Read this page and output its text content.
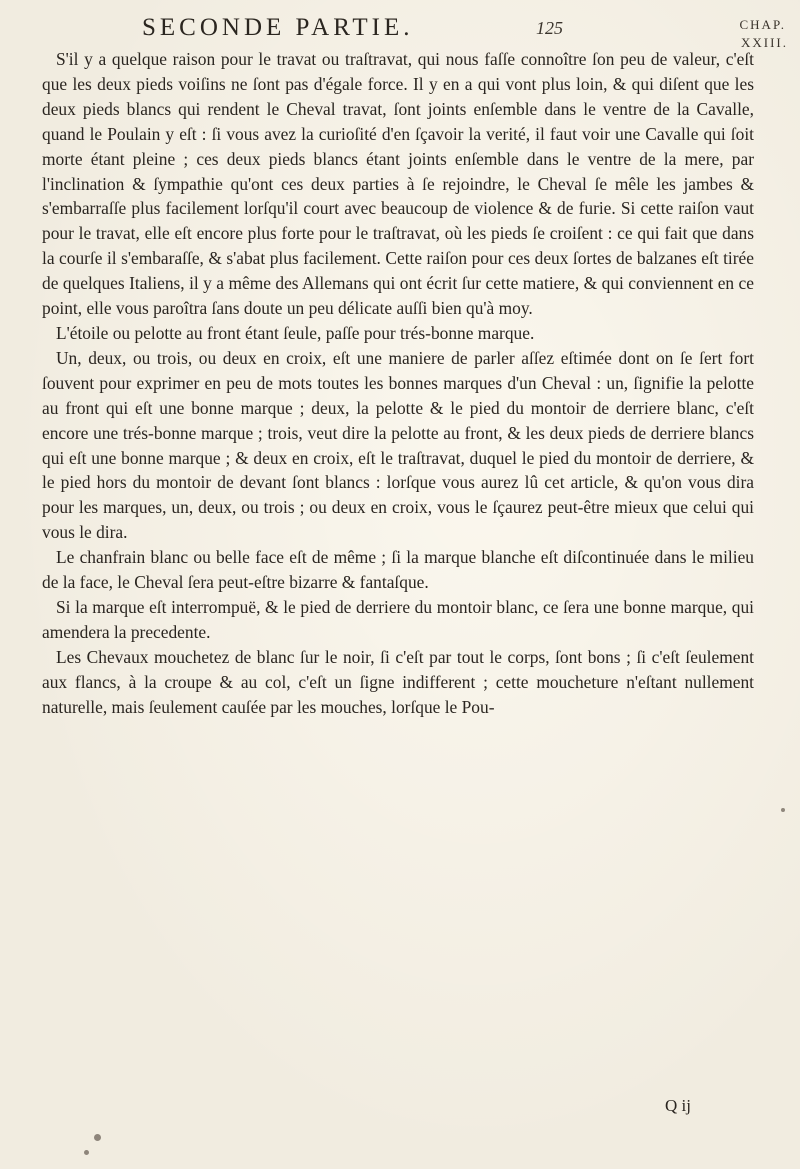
SECONDE PARTIE.	125	CHAP.
XXIII.

S'il y a quelque raison pour le travat ou traſtravat, qui nous faſſe connoître ſon peu de valeur, c'eſt que les deux pieds voiſins ne ſont pas d'égale force. Il y en a qui vont plus loin, & qui diſent que les deux pieds blancs qui rendent le Cheval travat, ſont joints enſemble dans le ventre de la Cavalle, quand le Poulain y eſt : ſi vous avez la curioſité d'en ſçavoir la verité, il faut voir une Cavalle qui ſoit morte étant pleine ; ces deux pieds blancs étant joints enſemble dans le ventre de la mere, par l'inclination & ſympathie qu'ont ces deux parties à ſe rejoindre, le Cheval ſe mêle les jambes & s'embarraſſe plus facilement lorſqu'il court avec beaucoup de violence & de furie. Si cette raiſon vaut pour le travat, elle eſt encore plus forte pour le traſtravat, où les pieds ſe croiſent : ce qui fait que dans la courſe il s'embaraſſe, & s'abat plus facilement. Cette raiſon pour ces deux ſortes de balzanes eſt tirée de quelques Italiens, il y a même des Allemans qui ont écrit ſur cette matiere, & qui conviennent en ce point, elle vous paroîtra ſans doute un peu délicate auſſi bien qu'à moy.

L'étoile ou pelotte au front étant ſeule, paſſe pour trés-bonne marque.

Un, deux, ou trois, ou deux en croix, eſt une maniere de parler aſſez eſtimée dont on ſe ſert fort ſouvent pour exprimer en peu de mots toutes les bonnes marques d'un Cheval : un, ſignifie la pelotte au front qui eſt une bonne marque ; deux, la pelotte & le pied du montoir de derriere blanc, c'eſt encore une trés-bonne marque ; trois, veut dire la pelotte au front, & les deux pieds de derriere blancs qui eſt une bonne marque ; & deux en croix, eſt le traſtravat, duquel le pied du montoir de derriere, & le pied hors du montoir de devant ſont blancs : lorſque vous aurez lû cet article, & qu'on vous dira pour les marques, un, deux, ou trois ; ou deux en croix, vous le ſçaurez peut-être mieux que celui qui vous le dira.

Le chanfrain blanc ou belle face eſt de même ; ſi la marque blanche eſt diſcontinuée dans le milieu de la face, le Cheval ſera peut-eſtre bizarre & fantaſque.

Si la marque eſt interrompuë, & le pied de derriere du montoir blanc, ce ſera une bonne marque, qui amendera la precedente.

Les Chevaux mouchetez de blanc ſur le noir, ſi c'eſt par tout le corps, ſont bons ; ſi c'eſt ſeulement aux flancs, à la croupe & au col, c'eſt un ſigne indifferent ; cette moucheture n'eſtant nullement naturelle, mais ſeulement cauſée par les mouches, lorſque le Pou-

Q ij
